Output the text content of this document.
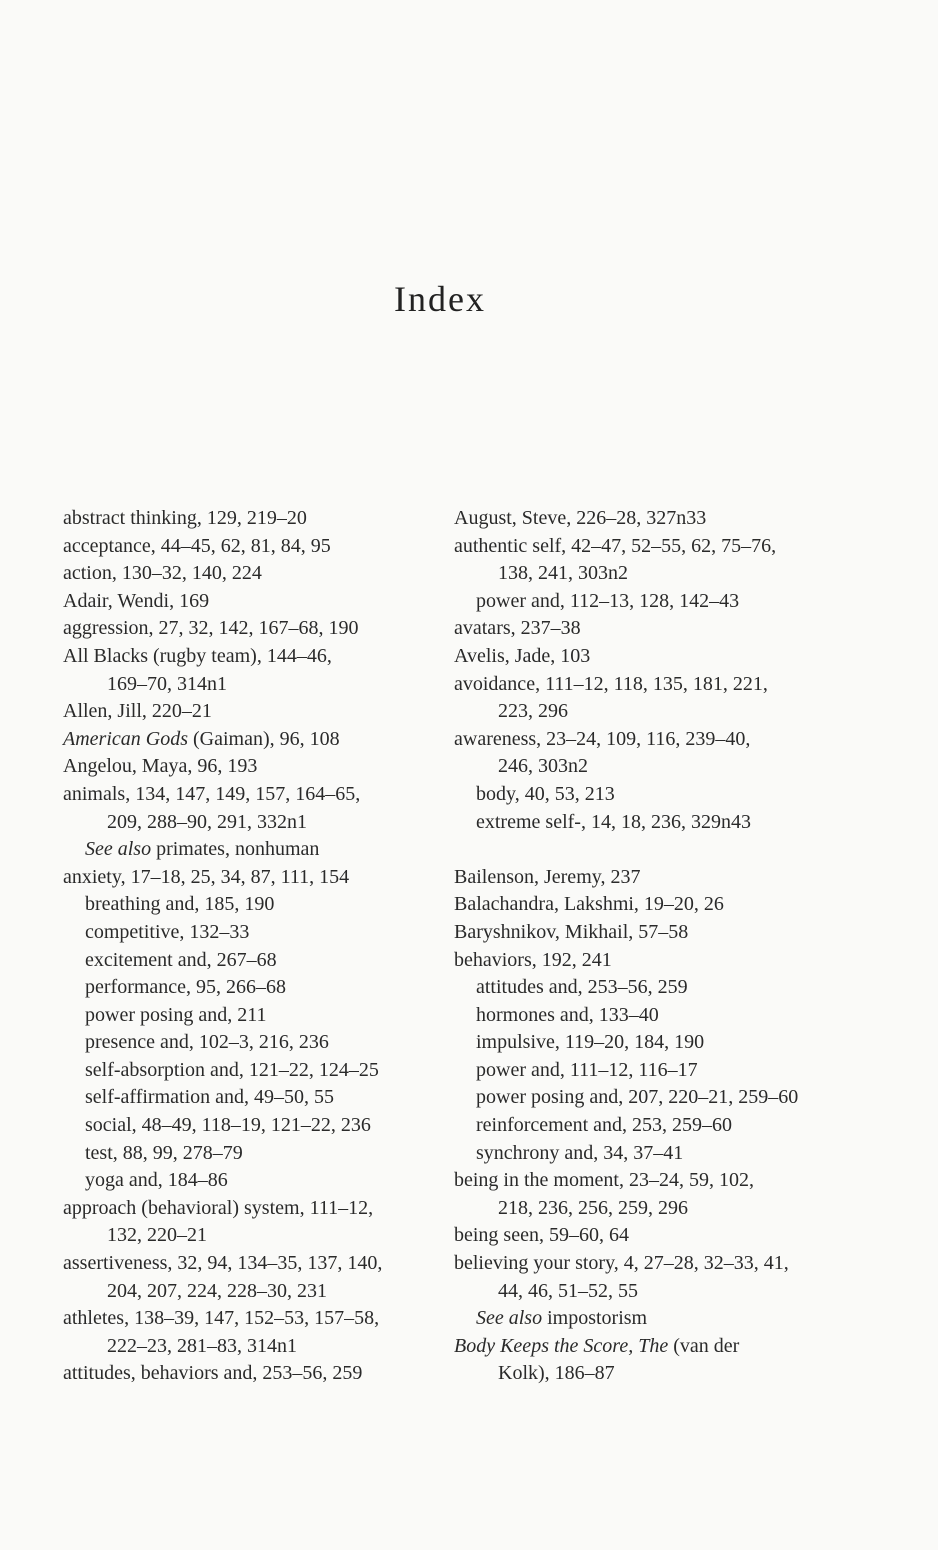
Index
abstract thinking, 129, 219–20
acceptance, 44–45, 62, 81, 84, 95
action, 130–32, 140, 224
Adair, Wendi, 169
aggression, 27, 32, 142, 167–68, 190
All Blacks (rugby team), 144–46,
169–70, 314n1
Allen, Jill, 220–21
American Gods (Gaiman), 96, 108
Angelou, Maya, 96, 193
animals, 134, 147, 149, 157, 164–65,
209, 288–90, 291, 332n1
See also primates, nonhuman
anxiety, 17–18, 25, 34, 87, 111, 154
breathing and, 185, 190
competitive, 132–33
excitement and, 267–68
performance, 95, 266–68
power posing and, 211
presence and, 102–3, 216, 236
self-absorption and, 121–22, 124–25
self-affirmation and, 49–50, 55
social, 48–49, 118–19, 121–22, 236
test, 88, 99, 278–79
yoga and, 184–86
approach (behavioral) system, 111–12,
132, 220–21
assertiveness, 32, 94, 134–35, 137, 140,
204, 207, 224, 228–30, 231
athletes, 138–39, 147, 152–53, 157–58,
222–23, 281–83, 314n1
attitudes, behaviors and, 253–56, 259
August, Steve, 226–28, 327n33
authentic self, 42–47, 52–55, 62, 75–76,
138, 241, 303n2
power and, 112–13, 128, 142–43
avatars, 237–38
Avelis, Jade, 103
avoidance, 111–12, 118, 135, 181, 221,
223, 296
awareness, 23–24, 109, 116, 239–40,
246, 303n2
body, 40, 53, 213
extreme self-, 14, 18, 236, 329n43
Bailenson, Jeremy, 237
Balachandra, Lakshmi, 19–20, 26
Baryshnikov, Mikhail, 57–58
behaviors, 192, 241
attitudes and, 253–56, 259
hormones and, 133–40
impulsive, 119–20, 184, 190
power and, 111–12, 116–17
power posing and, 207, 220–21, 259–60
reinforcement and, 253, 259–60
synchrony and, 34, 37–41
being in the moment, 23–24, 59, 102,
218, 236, 256, 259, 296
being seen, 59–60, 64
believing your story, 4, 27–28, 32–33, 41,
44, 46, 51–52, 55
See also impostorism
Body Keeps the Score, The (van der
Kolk), 186–87
